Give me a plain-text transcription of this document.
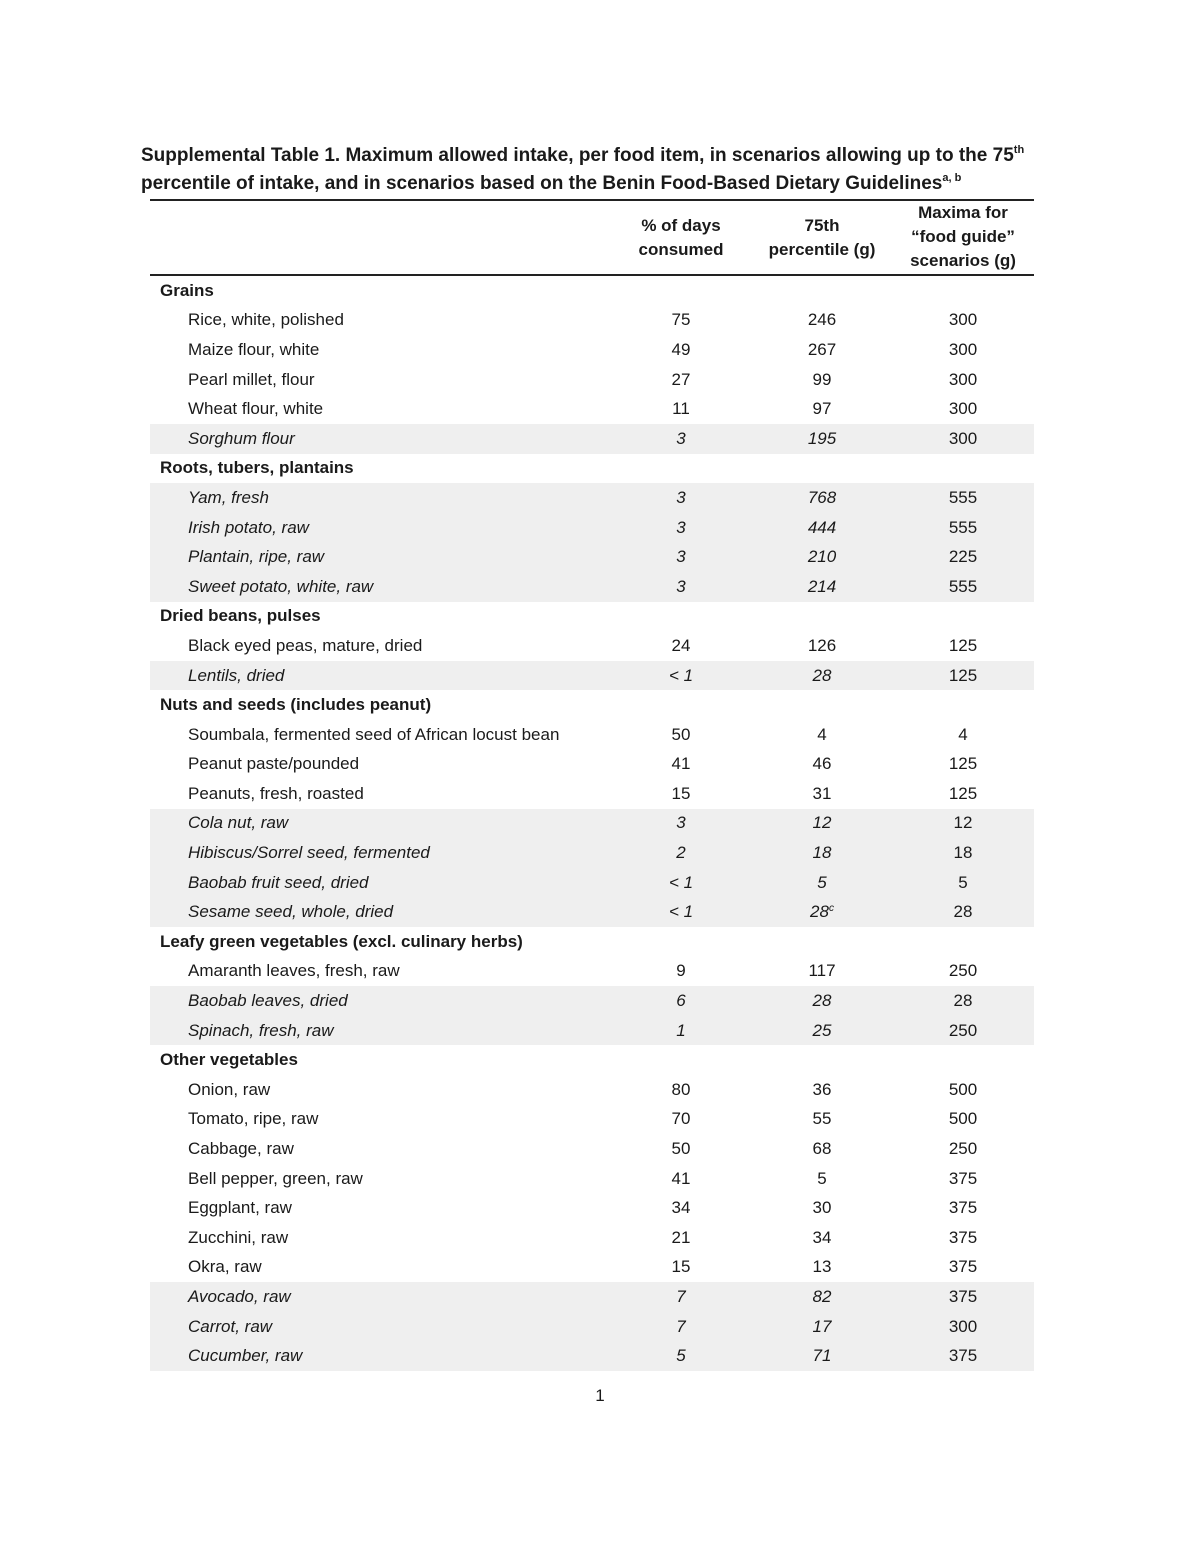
Supplemental Table 1. Maximum allowed intake, per food item, in scenarios allowing up to the 75th
percentile of intake, and in scenarios based on the Benin Food-Based Dietary Guidelines$^{a, b}$
% of days
consumed
75th
percentile (g)
Maxima for
“food guide”
scenarios (g)
Grains
Rice, white, polished	75	246	300
Maize flour, white	49	267	300
Pearl millet, flour	27	99	300
Wheat flour, white	11	97	300
Sorghum flour	3	195	300
Roots, tubers, plantains
Yam, fresh	3	768	555
Irish potato, raw	3	444	555
Plantain, ripe, raw	3	210	225
Sweet potato, white, raw	3	214	555
Dried beans, pulses
Black eyed peas, mature, dried	24	126	125
Lentils, dried	< 1	28	125
Nuts and seeds (includes peanut)
Soumbala, fermented seed of African locust bean	50	4	4
Peanut paste/pounded	41	46	125
Peanuts, fresh, roasted	15	31	125
Cola nut, raw	3	12	12
Hibiscus/Sorrel seed, fermented	2	18	18
Baobab fruit seed, dried	< 1	5	5
Sesame seed, whole, dried	< 1	28$^c$	28
Leafy green vegetables (excl. culinary herbs)
Amaranth leaves, fresh, raw	9	117	250
Baobab leaves, dried	6	28	28
Spinach, fresh, raw	1	25	250
Other vegetables
Onion, raw	80	36	500
Tomato, ripe, raw	70	55	500
Cabbage, raw	50	68	250
Bell pepper, green, raw	41	5	375
Eggplant, raw	34	30	375
Zucchini, raw	21	34	375
Okra, raw	15	13	375
Avocado, raw	7	82	375
Carrot, raw	7	17	300
Cucumber, raw	5	71	375
1
